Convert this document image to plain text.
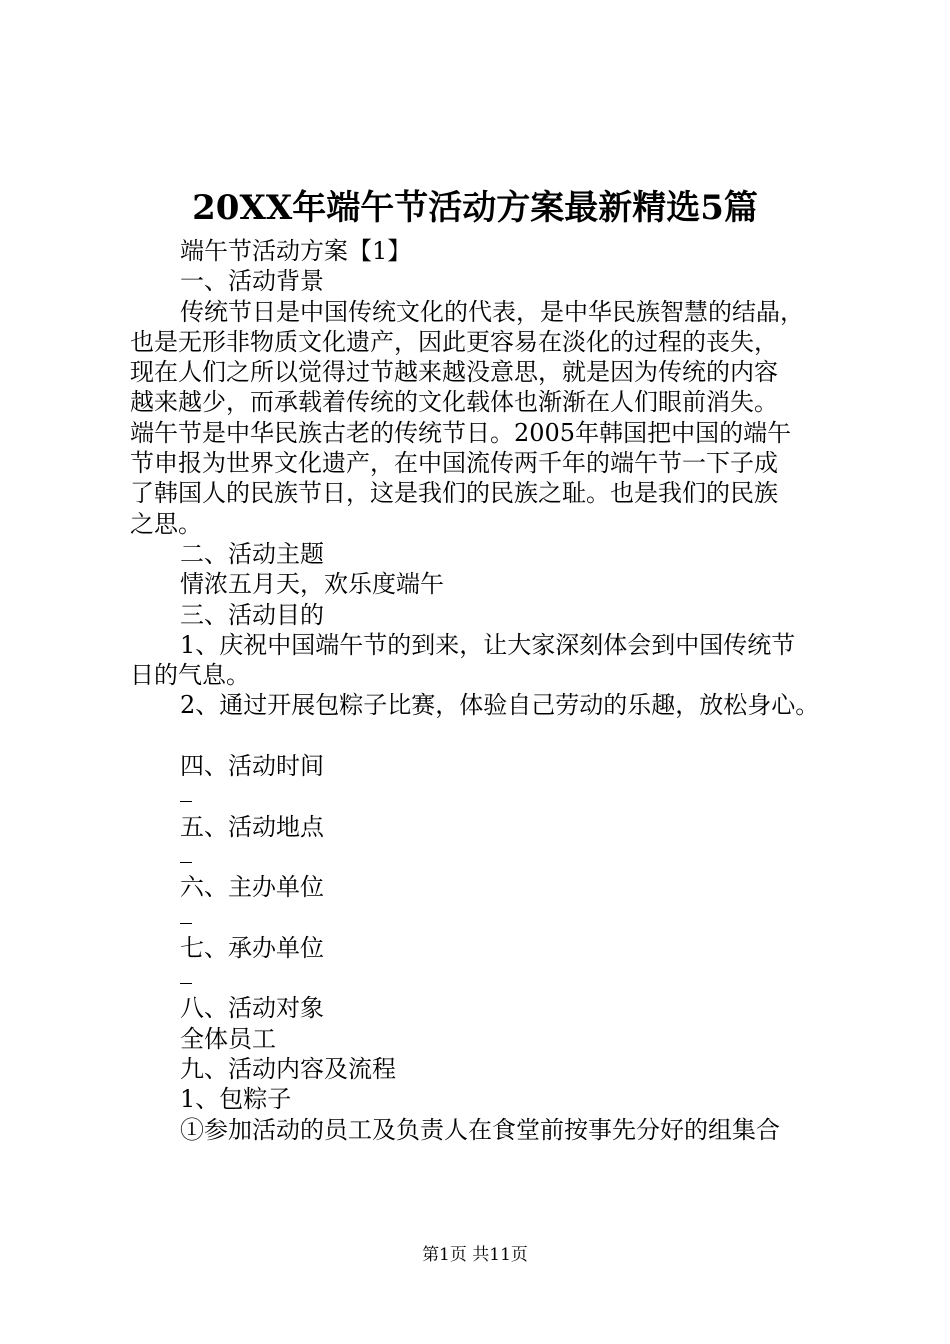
20XX年端午节活动方案最新精选5篇
端午节活动方案【1】
一、活动背景
传统节日是中国传统文化的代表，是中华民族智慧的结晶，
也是无形非物质文化遗产，因此更容易在淡化的过程的丧失，
现在人们之所以觉得过节越来越没意思，就是因为传统的内容
越来越少，而承载着传统的文化载体也渐渐在人们眼前消失。
端午节是中华民族古老的传统节日。2005年韩国把中国的端午
节申报为世界文化遗产，在中国流传两千年的端午节一下子成
了韩国人的民族节日，这是我们的民族之耻。也是我们的民族
之思。
二、活动主题
情浓五月天，欢乐度端午
三、活动目的
1、庆祝中国端午节的到来，让大家深刻体会到中国传统节
日的气息。
2、通过开展包粽子比赛，体验自己劳动的乐趣，放松身心。
四、活动时间
五、活动地点
六、主办单位
七、承办单位
八、活动对象
全体员工
九、活动内容及流程
1、包粽子
①参加活动的员工及负责人在食堂前按事先分好的组集合
第1页 共11页
